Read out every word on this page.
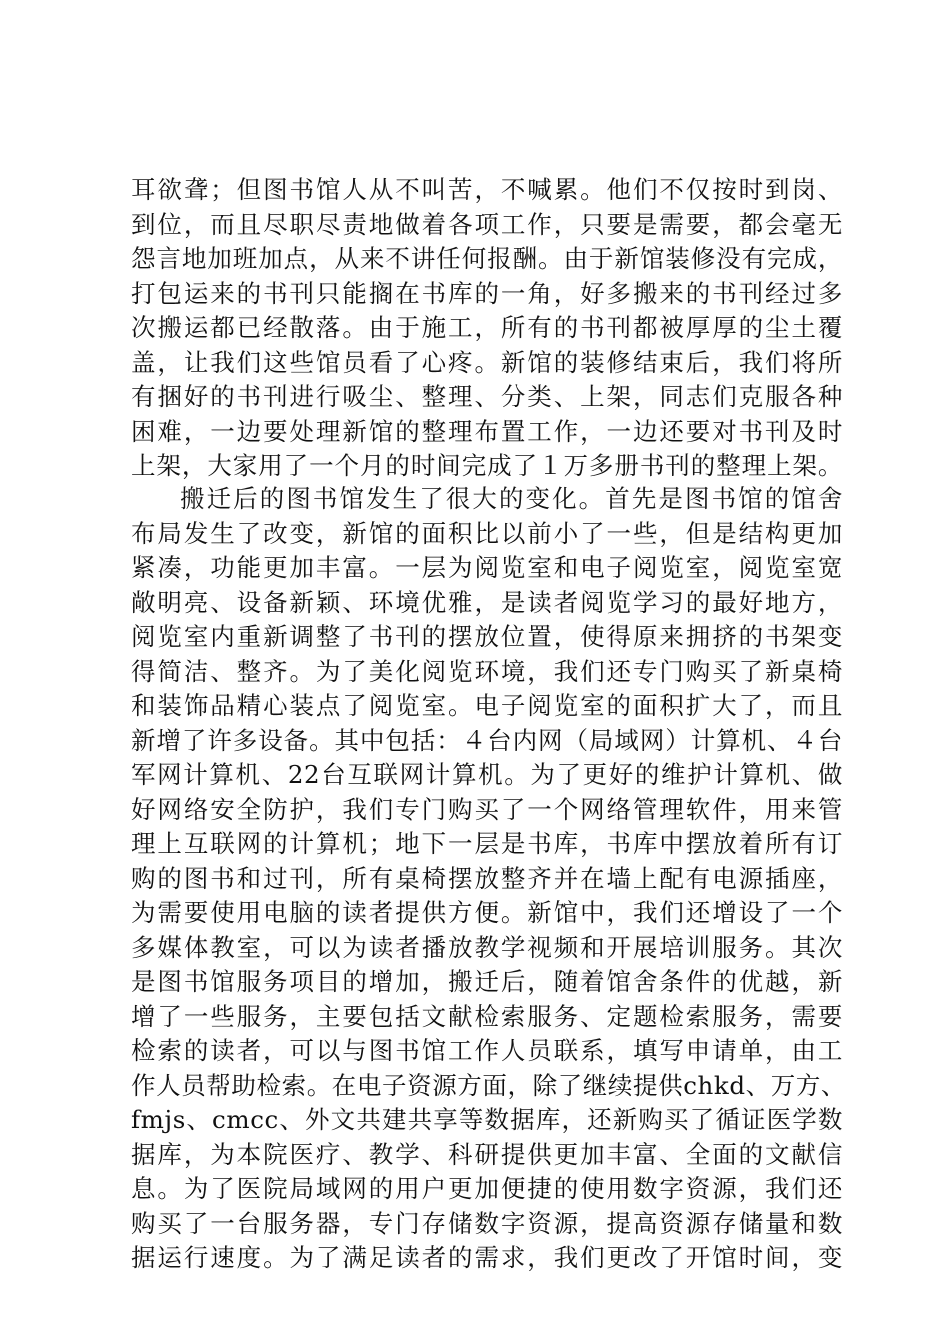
耳欲聋；但图书馆人从不叫苦，不喊累。他们不仅按时到岗、
到位，而且尽职尽责地做着各项工作，只要是需要，都会毫无
怨言地加班加点，从来不讲任何报酬。由于新馆装修没有完成，
打包运来的书刊只能搁在书库的一角，好多搬来的书刊经过多
次搬运都已经散落。由于施工，所有的书刊都被厚厚的尘土覆
盖，让我们这些馆员看了心疼。新馆的装修结束后，我们将所
有捆好的书刊进行吸尘、整理、分类、上架，同志们克服各种
困难，一边要处理新馆的整理布置工作，一边还要对书刊及时
上架，大家用了一个月的时间完成了１万多册书刊的整理上架。
搬迁后的图书馆发生了很大的变化。首先是图书馆的馆舍
布局发生了改变，新馆的面积比以前小了一些，但是结构更加
紧凑，功能更加丰富。一层为阅览室和电子阅览室，阅览室宽
敞明亮、设备新颖、环境优雅，是读者阅览学习的最好地方，
阅览室内重新调整了书刊的摆放位置，使得原来拥挤的书架变
得简洁、整齐。为了美化阅览环境，我们还专门购买了新桌椅
和装饰品精心装点了阅览室。电子阅览室的面积扩大了，而且
新增了许多设备。其中包括：４台内网（局域网）计算机、４台
军网计算机、22台互联网计算机。为了更好的维护计算机、做
好网络安全防护，我们专门购买了一个网络管理软件，用来管
理上互联网的计算机；地下一层是书库，书库中摆放着所有订
购的图书和过刊，所有桌椅摆放整齐并在墙上配有电源插座，
为需要使用电脑的读者提供方便。新馆中，我们还增设了一个
多媒体教室，可以为读者播放教学视频和开展培训服务。其次
是图书馆服务项目的增加，搬迁后，随着馆舍条件的优越，新
增了一些服务，主要包括文献检索服务、定题检索服务，需要
检索的读者，可以与图书馆工作人员联系，填写申请单，由工
作人员帮助检索。在电子资源方面，除了继续提供chkd、万方、
fmjs、cmcc、外文共建共享等数据库，还新购买了循证医学数
据库，为本院医疗、教学、科研提供更加丰富、全面的文献信
息。为了医院局域网的用户更加便捷的使用数字资源，我们还
购买了一台服务器，专门存储数字资源，提高资源存储量和数
据运行速度。为了满足读者的需求，我们更改了开馆时间，变
